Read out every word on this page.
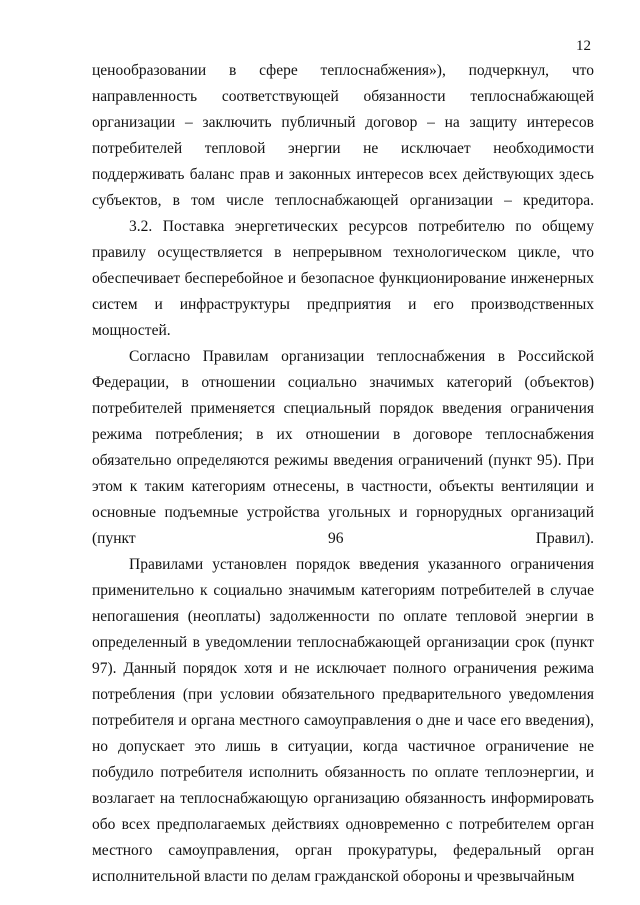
12

ценообразовании в сфере теплоснабжения»), подчеркнул, что направленность соответствующей обязанности теплоснабжающей организации – заключить публичный договор – на защиту интересов потребителей тепловой энергии не исключает необходимости поддерживать баланс прав и законных интересов всех действующих здесь субъектов, в том числе теплоснабжающей организации – кредитора.

3.2. Поставка энергетических ресурсов потребителю по общему правилу осуществляется в непрерывном технологическом цикле, что обеспечивает бесперебойное и безопасное функционирование инженерных систем и инфраструктуры предприятия и его производственных мощностей.

Согласно Правилам организации теплоснабжения в Российской Федерации, в отношении социально значимых категорий (объектов) потребителей применяется специальный порядок введения ограничения режима потребления; в их отношении в договоре теплоснабжения обязательно определяются режимы введения ограничений (пункт 95). При этом к таким категориям отнесены, в частности, объекты вентиляции и основные подъемные устройства угольных и горнорудных организаций (пункт 96 Правил).

Правилами установлен порядок введения указанного ограничения применительно к социально значимым категориям потребителей в случае непогашения (неоплаты) задолженности по оплате тепловой энергии в определенный в уведомлении теплоснабжающей организации срок (пункт 97). Данный порядок хотя и не исключает полного ограничения режима потребления (при условии обязательного предварительного уведомления потребителя и органа местного самоуправления о дне и часе его введения), но допускает это лишь в ситуации, когда частичное ограничение не побудило потребителя исполнить обязанность по оплате теплоэнергии, и возлагает на теплоснабжающую организацию обязанность информировать обо всех предполагаемых действиях одновременно с потребителем орган местного самоуправления, орган прокуратуры, федеральный орган исполнительной власти по делам гражданской обороны и чрезвычайным
